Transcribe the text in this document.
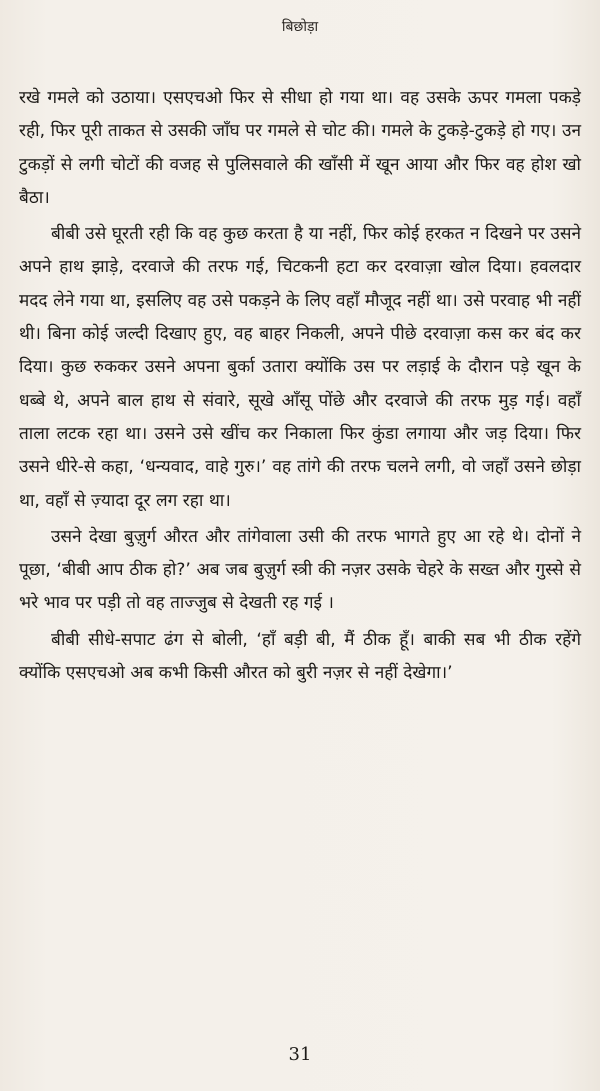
बिछोड़ा

रखे गमले को उठाया। एसएचओ फिर से सीधा हो गया था। वह उसके ऊपर गमला पकड़े रही, फिर पूरी ताकत से उसकी जाँघ पर गमले से चोट की। गमले के टुकड़े-टुकड़े हो गए। उन टुकड़ों से लगी चोटों की वजह से पुलिसवाले की खाँसी में खून आया और फिर वह होश खो बैठा।

बीबी उसे घूरती रही कि वह कुछ करता है या नहीं, फिर कोई हरकत न दिखने पर उसने अपने हाथ झाड़े, दरवाजे की तरफ गई, चिटकनी हटा कर दरवाज़ा खोल दिया। हवलदार मदद लेने गया था, इसलिए वह उसे पकड़ने के लिए वहाँ मौजूद नहीं था। उसे परवाह भी नहीं थी। बिना कोई जल्दी दिखाए हुए, वह बाहर निकली, अपने पीछे दरवाज़ा कस कर बंद कर दिया। कुछ रुककर उसने अपना बुर्का उतारा क्योंकि उस पर लड़ाई के दौरान पड़े खून के धब्बे थे, अपने बाल हाथ से संवारे, सूखे आँसू पोंछे और दरवाजे की तरफ मुड़ गई। वहाँ ताला लटक रहा था। उसने उसे खींच कर निकाला फिर कुंडा लगाया और जड़ दिया। फिर उसने धीरे-से कहा, ‘धन्यवाद, वाहे गुरु।’ वह तांगे की तरफ चलने लगी, वो जहाँ उसने छोड़ा था, वहाँ से ज़्यादा दूर लग रहा था।

उसने देखा बुज़ुर्ग औरत और तांगेवाला उसी की तरफ भागते हुए आ रहे थे। दोनों ने पूछा, ‘बीबी आप ठीक हो?’ अब जब बुज़ुर्ग स्त्री की नज़र उसके चेहरे के सख्त और गुस्से से भरे भाव पर पड़ी तो वह ताज्जुब से देखती रह गई ।

बीबी सीधे-सपाट ढंग से बोली, ‘हाँ बड़ी बी, मैं ठीक हूँ। बाकी सब भी ठीक रहेंगे क्योंकि एसएचओ अब कभी किसी औरत को बुरी नज़र से नहीं देखेगा।’

31
